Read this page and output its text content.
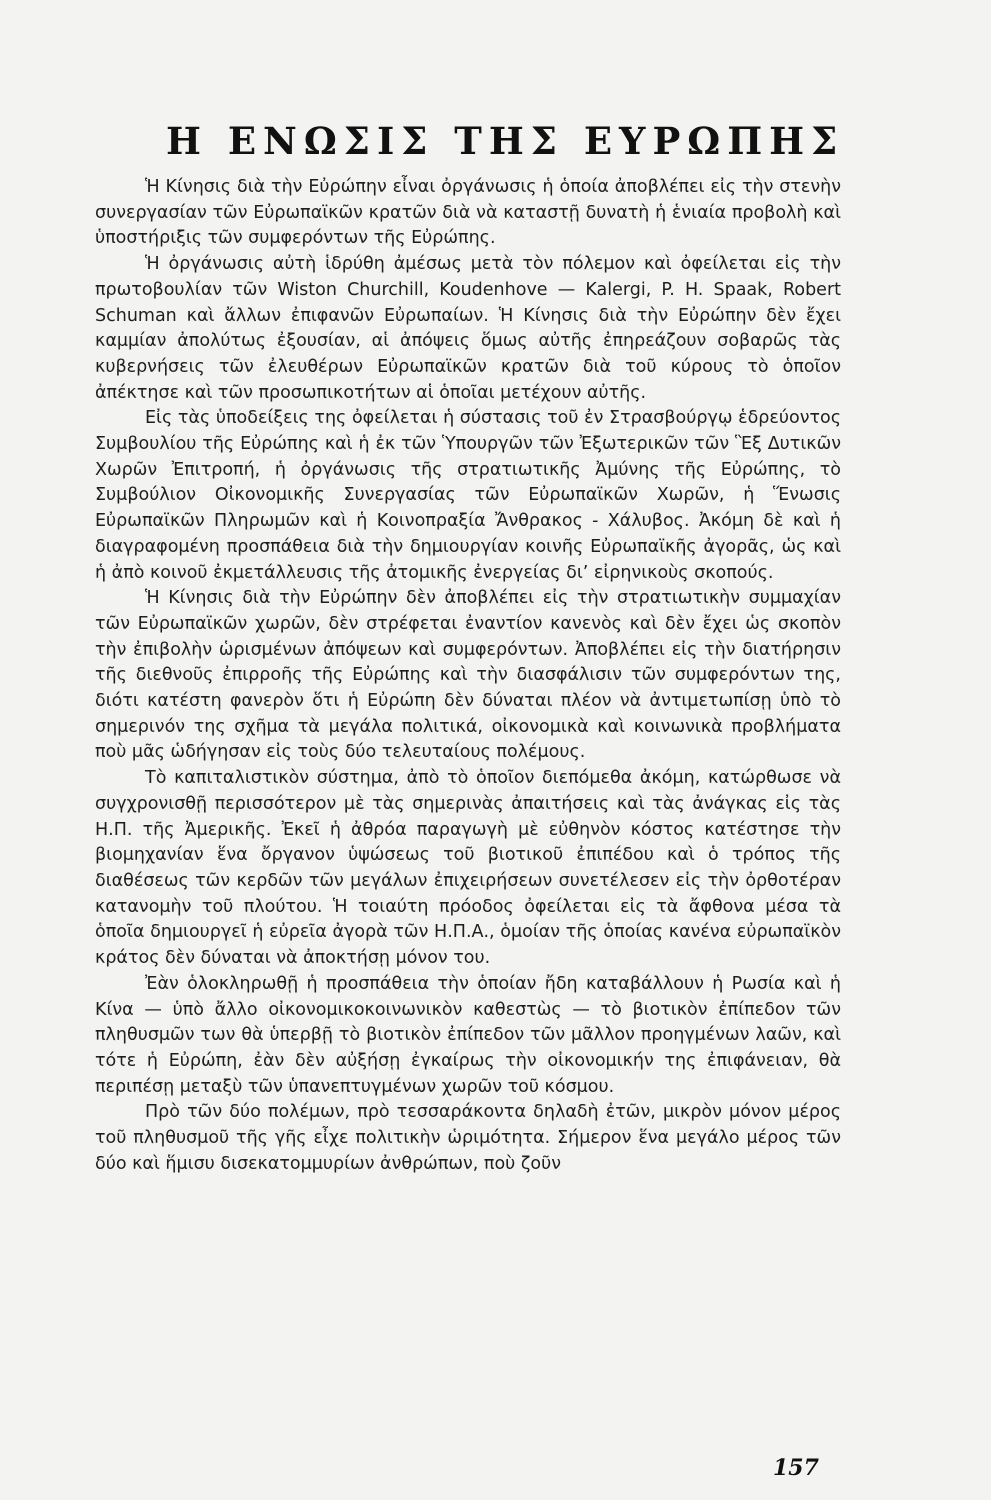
Η ΕΝΩΣΙΣ ΤΗΣ ΕΥΡΩΠΗΣ

Ἡ Κίνησις διὰ τὴν Εὐρώπην εἶναι ὀργάνωσις ἡ ὁποία ἀποβλέπει εἰς τὴν στενὴν συνεργασίαν τῶν Εὐρωπαϊκῶν κρατῶν διὰ νὰ καταστῇ δυνατὴ ἡ ἑνιαία προβολὴ καὶ ὑποστήριξις τῶν συμφερόντων τῆς Εὐρώπης.

Ἡ ὀργάνωσις αὐτὴ ἱδρύθη ἀμέσως μετὰ τὸν πόλεμον καὶ ὀφείλεται εἰς τὴν πρωτοβουλίαν τῶν Wiston Churchill, Koudenhove — Kalergi, P. H. Spaak, Robert Schuman καὶ ἄλλων ἐπιφανῶν Εὐρωπαίων. Ἡ Κίνησις διὰ τὴν Εὐρώπην δὲν ἔχει καμμίαν ἀπολύτως ἐξουσίαν, αἱ ἀπόψεις ὅμως αὐτῆς ἐπηρεάζουν σοβαρῶς τὰς κυβερνήσεις τῶν ἐλευθέρων Εὐρωπαϊκῶν κρατῶν διὰ τοῦ κύρους τὸ ὁποῖον ἀπέκτησε καὶ τῶν προσωπικοτήτων αἱ ὁποῖαι μετέχουν αὐτῆς.

Εἰς τὰς ὑποδείξεις της ὀφείλεται ἡ σύστασις τοῦ ἐν Στρασβούργῳ ἑδρεύοντος Συμβουλίου τῆς Εὐρώπης καὶ ἡ ἐκ τῶν Ὑπουργῶν τῶν Ἐξωτερικῶν τῶν Ἓξ Δυτικῶν Χωρῶν Ἐπιτροπή, ἡ ὀργάνωσις τῆς στρατιωτικῆς Ἀμύνης τῆς Εὐρώπης, τὸ Συμβούλιον Οἰκονομικῆς Συνεργασίας τῶν Εὐρωπαϊκῶν Χωρῶν, ἡ Ἕνωσις Εὐρωπαϊκῶν Πληρωμῶν καὶ ἡ Κοινοπραξία Ἄνθρακος - Χάλυβος. Ἀκόμη δὲ καὶ ἡ διαγραφομένη προσπάθεια διὰ τὴν δημιουργίαν κοινῆς Εὐρωπαϊκῆς ἀγορᾶς, ὡς καὶ ἡ ἀπὸ κοινοῦ ἐκμετάλλευσις τῆς ἀτομικῆς ἐνεργείας δι’ εἰρηνικοὺς σκοπούς.

Ἡ Κίνησις διὰ τὴν Εὐρώπην δὲν ἀποβλέπει εἰς τὴν στρατιωτικὴν συμμαχίαν τῶν Εὐρωπαϊκῶν χωρῶν, δὲν στρέφεται ἐναντίον κανενὸς καὶ δὲν ἔχει ὡς σκοπὸν τὴν ἐπιβολὴν ὡρισμένων ἀπόψεων καὶ συμφερόντων. Ἀποβλέπει εἰς τὴν διατήρησιν τῆς διεθνοῦς ἐπιρροῆς τῆς Εὐρώπης καὶ τὴν διασφάλισιν τῶν συμφερόντων της, διότι κατέστη φανερὸν ὅτι ἡ Εὐρώπη δὲν δύναται πλέον νὰ ἀντιμετωπίσῃ ὑπὸ τὸ σημερινόν της σχῆμα τὰ μεγάλα πολιτικά, οἰκονομικὰ καὶ κοινωνικὰ προβλήματα ποὺ μᾶς ὡδήγησαν εἰς τοὺς δύο τελευταίους πολέμους.

Τὸ καπιταλιστικὸν σύστημα, ἀπὸ τὸ ὁποῖον διεπόμεθα ἀκόμη, κατώρθωσε νὰ συγχρονισθῇ περισσότερον μὲ τὰς σημερινὰς ἀπαιτήσεις καὶ τὰς ἀνάγκας εἰς τὰς Η.Π. τῆς Ἀμερικῆς. Ἐκεῖ ἡ ἀθρόα παραγωγὴ μὲ εὐθηνὸν κόστος κατέστησε τὴν βιομηχανίαν ἕνα ὄργανον ὑψώσεως τοῦ βιοτικοῦ ἐπιπέδου καὶ ὁ τρόπος τῆς διαθέσεως τῶν κερδῶν τῶν μεγάλων ἐπιχειρήσεων συνετέλεσεν εἰς τὴν ὀρθοτέραν κατανομὴν τοῦ πλούτου. Ἡ τοιαύτη πρόοδος ὀφείλεται εἰς τὰ ἄφθονα μέσα τὰ ὁποῖα δημιουργεῖ ἡ εὐρεῖα ἀγορὰ τῶν Η.Π.Α., ὁμοίαν τῆς ὁποίας κανένα εὐρωπαϊκὸν κράτος δὲν δύναται νὰ ἀποκτήσῃ μόνον του.

Ἐὰν ὁλοκληρωθῇ ἡ προσπάθεια τὴν ὁποίαν ἤδη καταβάλλουν ἡ Ρωσία καὶ ἡ Κίνα — ὑπὸ ἄλλο οἰκονομικοκοινωνικὸν καθεστὼς — τὸ βιοτικὸν ἐπίπεδον τῶν πληθυσμῶν των θὰ ὑπερβῇ τὸ βιοτικὸν ἐπίπεδον τῶν μᾶλλον προηγμένων λαῶν, καὶ τότε ἡ Εὐρώπη, ἐὰν δὲν αὐξήσῃ ἐγκαίρως τὴν οἰκονομικήν της ἐπιφάνειαν, θὰ περιπέσῃ μεταξὺ τῶν ὑπανεπτυγμένων χωρῶν τοῦ κόσμου.

Πρὸ τῶν δύο πολέμων, πρὸ τεσσαράκοντα δηλαδὴ ἐτῶν, μικρὸν μόνον μέρος τοῦ πληθυσμοῦ τῆς γῆς εἶχε πολιτικὴν ὡριμότητα. Σήμερον ἕνα μεγάλο μέρος τῶν δύο καὶ ἥμισυ δισεκατομμυρίων ἀνθρώπων, ποὺ ζοῦν

157
